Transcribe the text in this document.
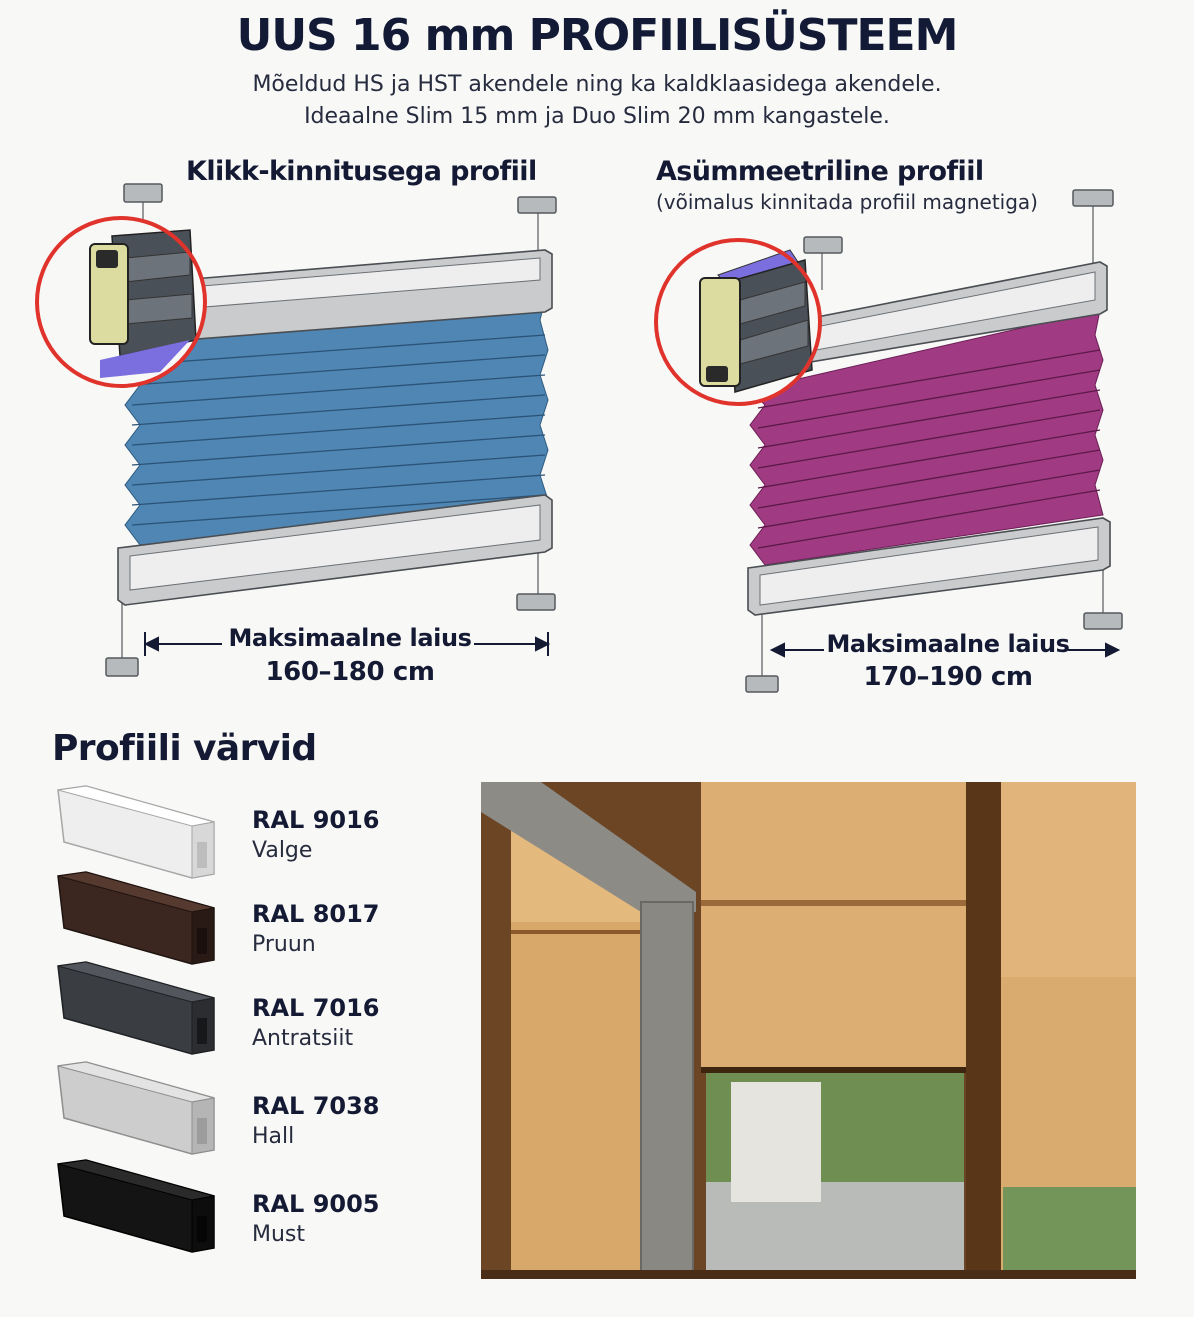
UUS 16 mm PROFIILISÜSTEEM
Mõeldud HS ja HST akendele ning ka kaldklaasidega akendele.
Ideaalne Slim 15 mm ja Duo Slim 20 mm kangastele.
Klikk-kinnitusega profiil	Asümmeetriline profiil
(võimalus kinnitada profiil magnetiga)
Maksimaalne laius
160–180 cm
Maksimaalne laius
170–190 cm
Profiili värvid
RAL 9016
Valge
RAL 8017
Pruun
RAL 7016
Antratsiit
RAL 7038
Hall
RAL 9005
Must
